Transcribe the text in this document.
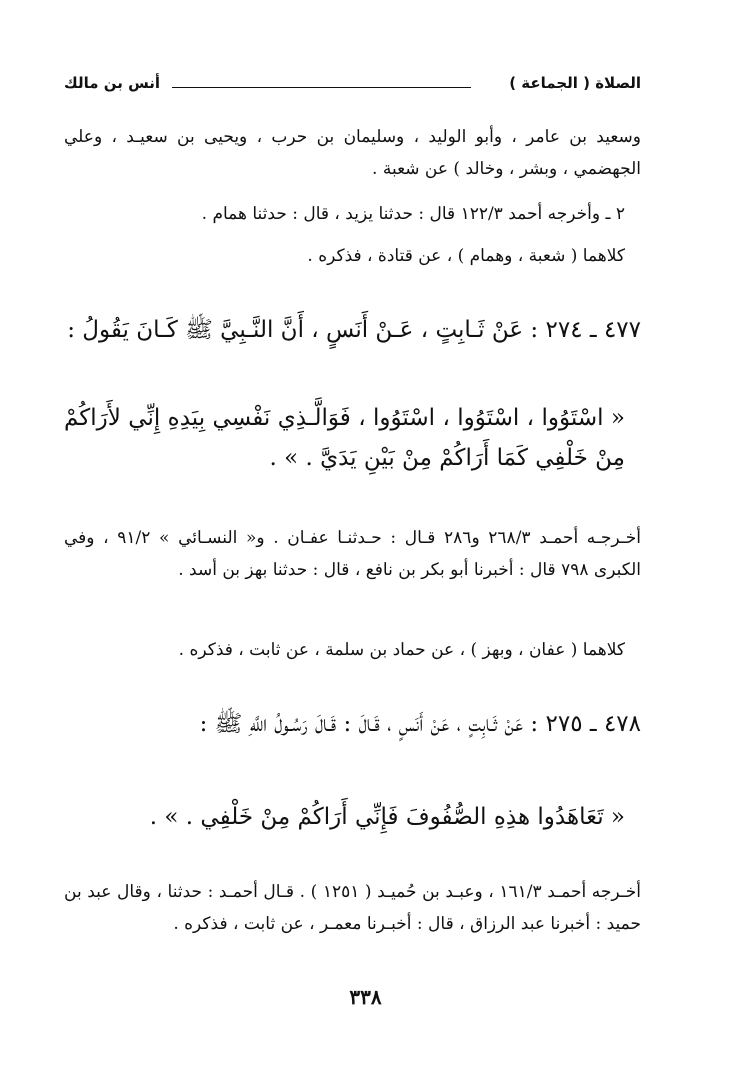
الصلاة ( الجماعة )
أنس بن مالك
وسعيد بن عامر ، وأبو الوليد ، وسليمان بن حرب ، ويحيى بن سعيـد ، وعلي الجهضمي ، وبشر ، وخالد ) عن شعبة .
٢ ـ وأخرجه أحمد ١٢٢/٣ قال : حدثنا يزيد ، قال : حدثنا همام .
كلاهما ( شعبة ، وهمام ) ، عن قتادة ، فذكره .
٤٧٧ ـ ٢٧٤ : عَنْ ثَـابِتٍ ، عَـنْ أَنَسٍ ، أَنَّ النَّـبِيَّ ﷺ كَـانَ يَقُولُ :
« اسْتَوُوا ، اسْتَوُوا ، اسْتَوُوا ، فَوَالَّـذِي نَفْسِي بِيَدِهِ إِنِّي لأَرَاكُمْ مِنْ خَلْفِي كَمَا أَرَاكُمْ مِنْ بَيْنِ يَدَيَّ . » .
أخـرجـه أحمـد ٢٦٨/٣ و٢٨٦ قـال : حـدثنـا عفـان . و« النسـائي » ٩١/٢ ، وفي الكبرى ٧٩٨ قال : أخبرنا أبو بكر بن نافع ، قال : حدثنا بهز بن أسد .
كلاهما ( عفان ، وبهز ) ، عن حماد بن سلمة ، عن ثابت ، فذكره .
٤٧٨ ـ ٢٧٥ : عَنْ ثَـابِتٍ ، عَنْ أَنَسٍ ، قَـالَ : قَـالَ رَسُـولُ اللَّهِ ﷺ :
« تَعَاهَدُوا هذِهِ الصُّفُوفَ فَإِنِّي أَرَاكُمْ مِنْ خَلْفِي . » .
أخـرجه أحمـد ١٦١/٣ ، وعبـد بن حُميـد ( ١٢٥١ ) . قـال أحمـد : حدثنا ، وقال عبد بن حميد : أخبرنا عبد الرزاق ، قال : أخبـرنا معمـر ، عن ثابت ، فذكره .
٣٣٨
